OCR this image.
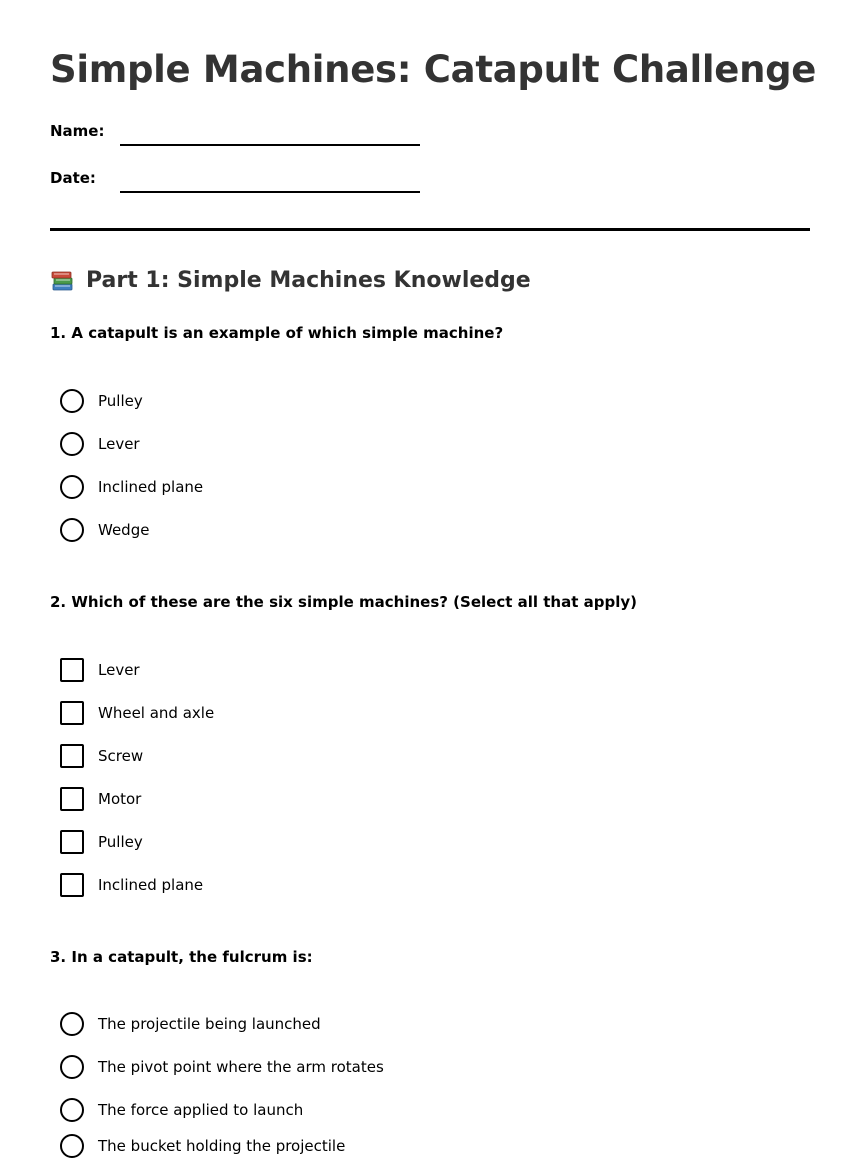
Simple Machines: Catapult Challenge
Name:
Date:
Part 1: Simple Machines Knowledge
1. A catapult is an example of which simple machine?
Pulley
Lever
Inclined plane
Wedge
2. Which of these are the six simple machines? (Select all that apply)
Lever
Wheel and axle
Screw
Motor
Pulley
Inclined plane
3. In a catapult, the fulcrum is:
The projectile being launched
The pivot point where the arm rotates
The force applied to launch
The bucket holding the projectile
